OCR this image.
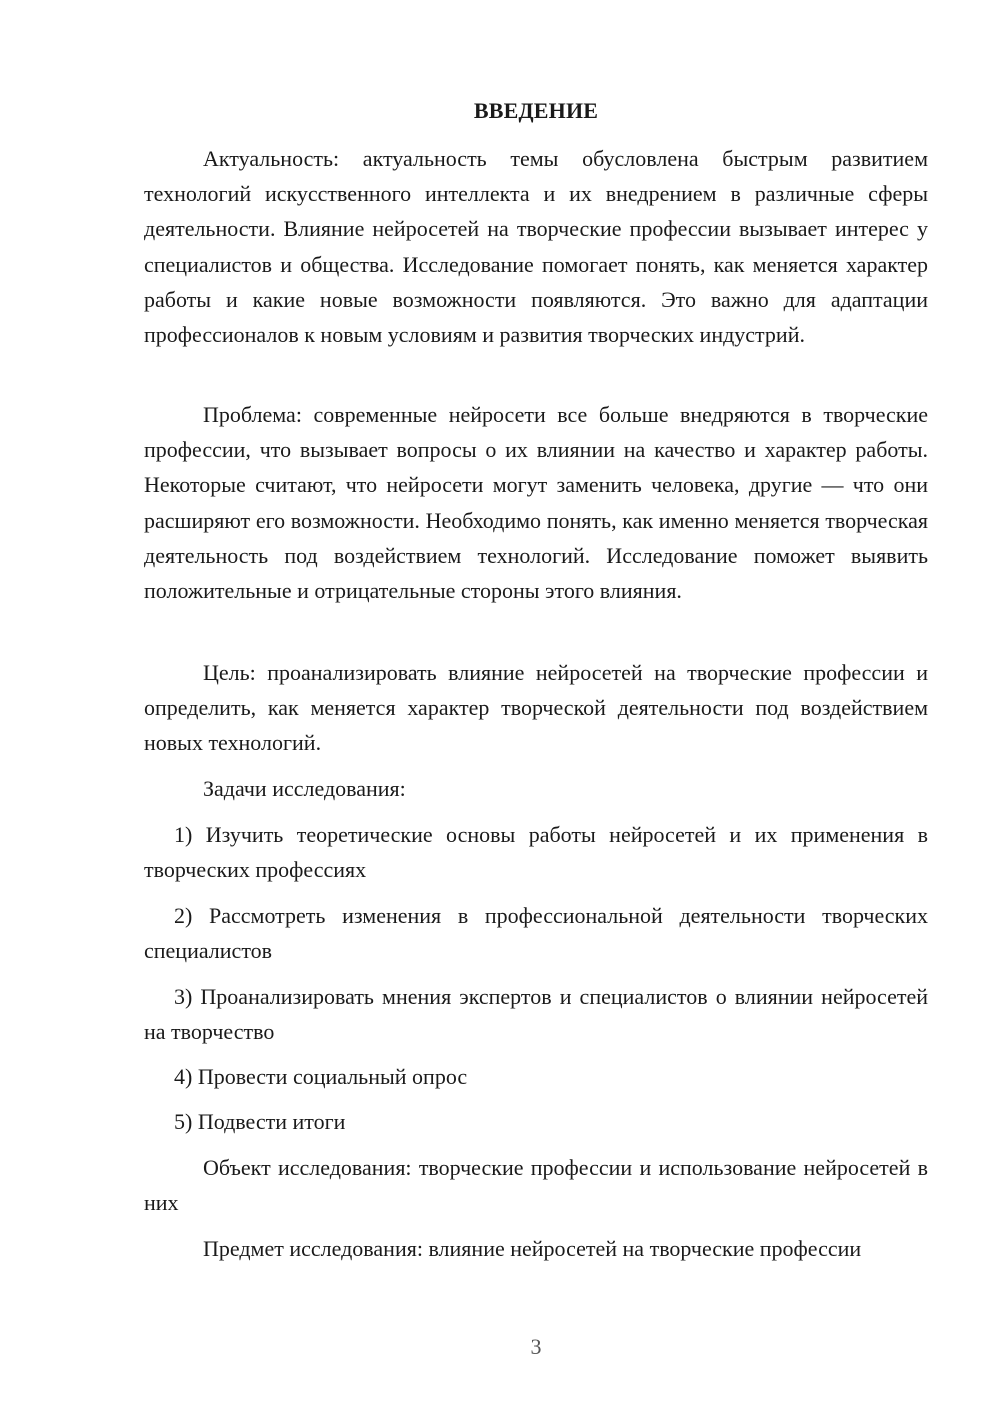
ВВЕДЕНИЕ

Актуальность: актуальность темы обусловлена быстрым развитием технологий искусственного интеллекта и их внедрением в различные сферы деятельности. Влияние нейросетей на творческие профессии вызывает интерес у специалистов и общества. Исследование помогает понять, как меняется характер работы и какие новые возможности появляются. Это важно для адаптации профессионалов к новым условиям и развития творческих индустрий.

Проблема: современные нейросети все больше внедряются в творческие профессии, что вызывает вопросы о их влиянии на качество и характер работы. Некоторые считают, что нейросети могут заменить человека, другие — что они расширяют его возможности. Необходимо понять, как именно меняется творческая деятельность под воздействием технологий. Исследование поможет выявить положительные и отрицательные стороны этого влияния.

Цель: проанализировать влияние нейросетей на творческие профессии и определить, как меняется характер творческой деятельности под воздействием новых технологий.

Задачи исследования:

1) Изучить теоретические основы работы нейросетей и их применения в творческих профессиях

2) Рассмотреть изменения в профессиональной деятельности творческих специалистов

3) Проанализировать мнения экспертов и специалистов о влиянии нейросетей на творчество

4) Провести социальный опрос

5) Подвести итоги

Объект исследования: творческие профессии и использование нейросетей в них

Предмет исследования: влияние нейросетей на творческие профессии

3
